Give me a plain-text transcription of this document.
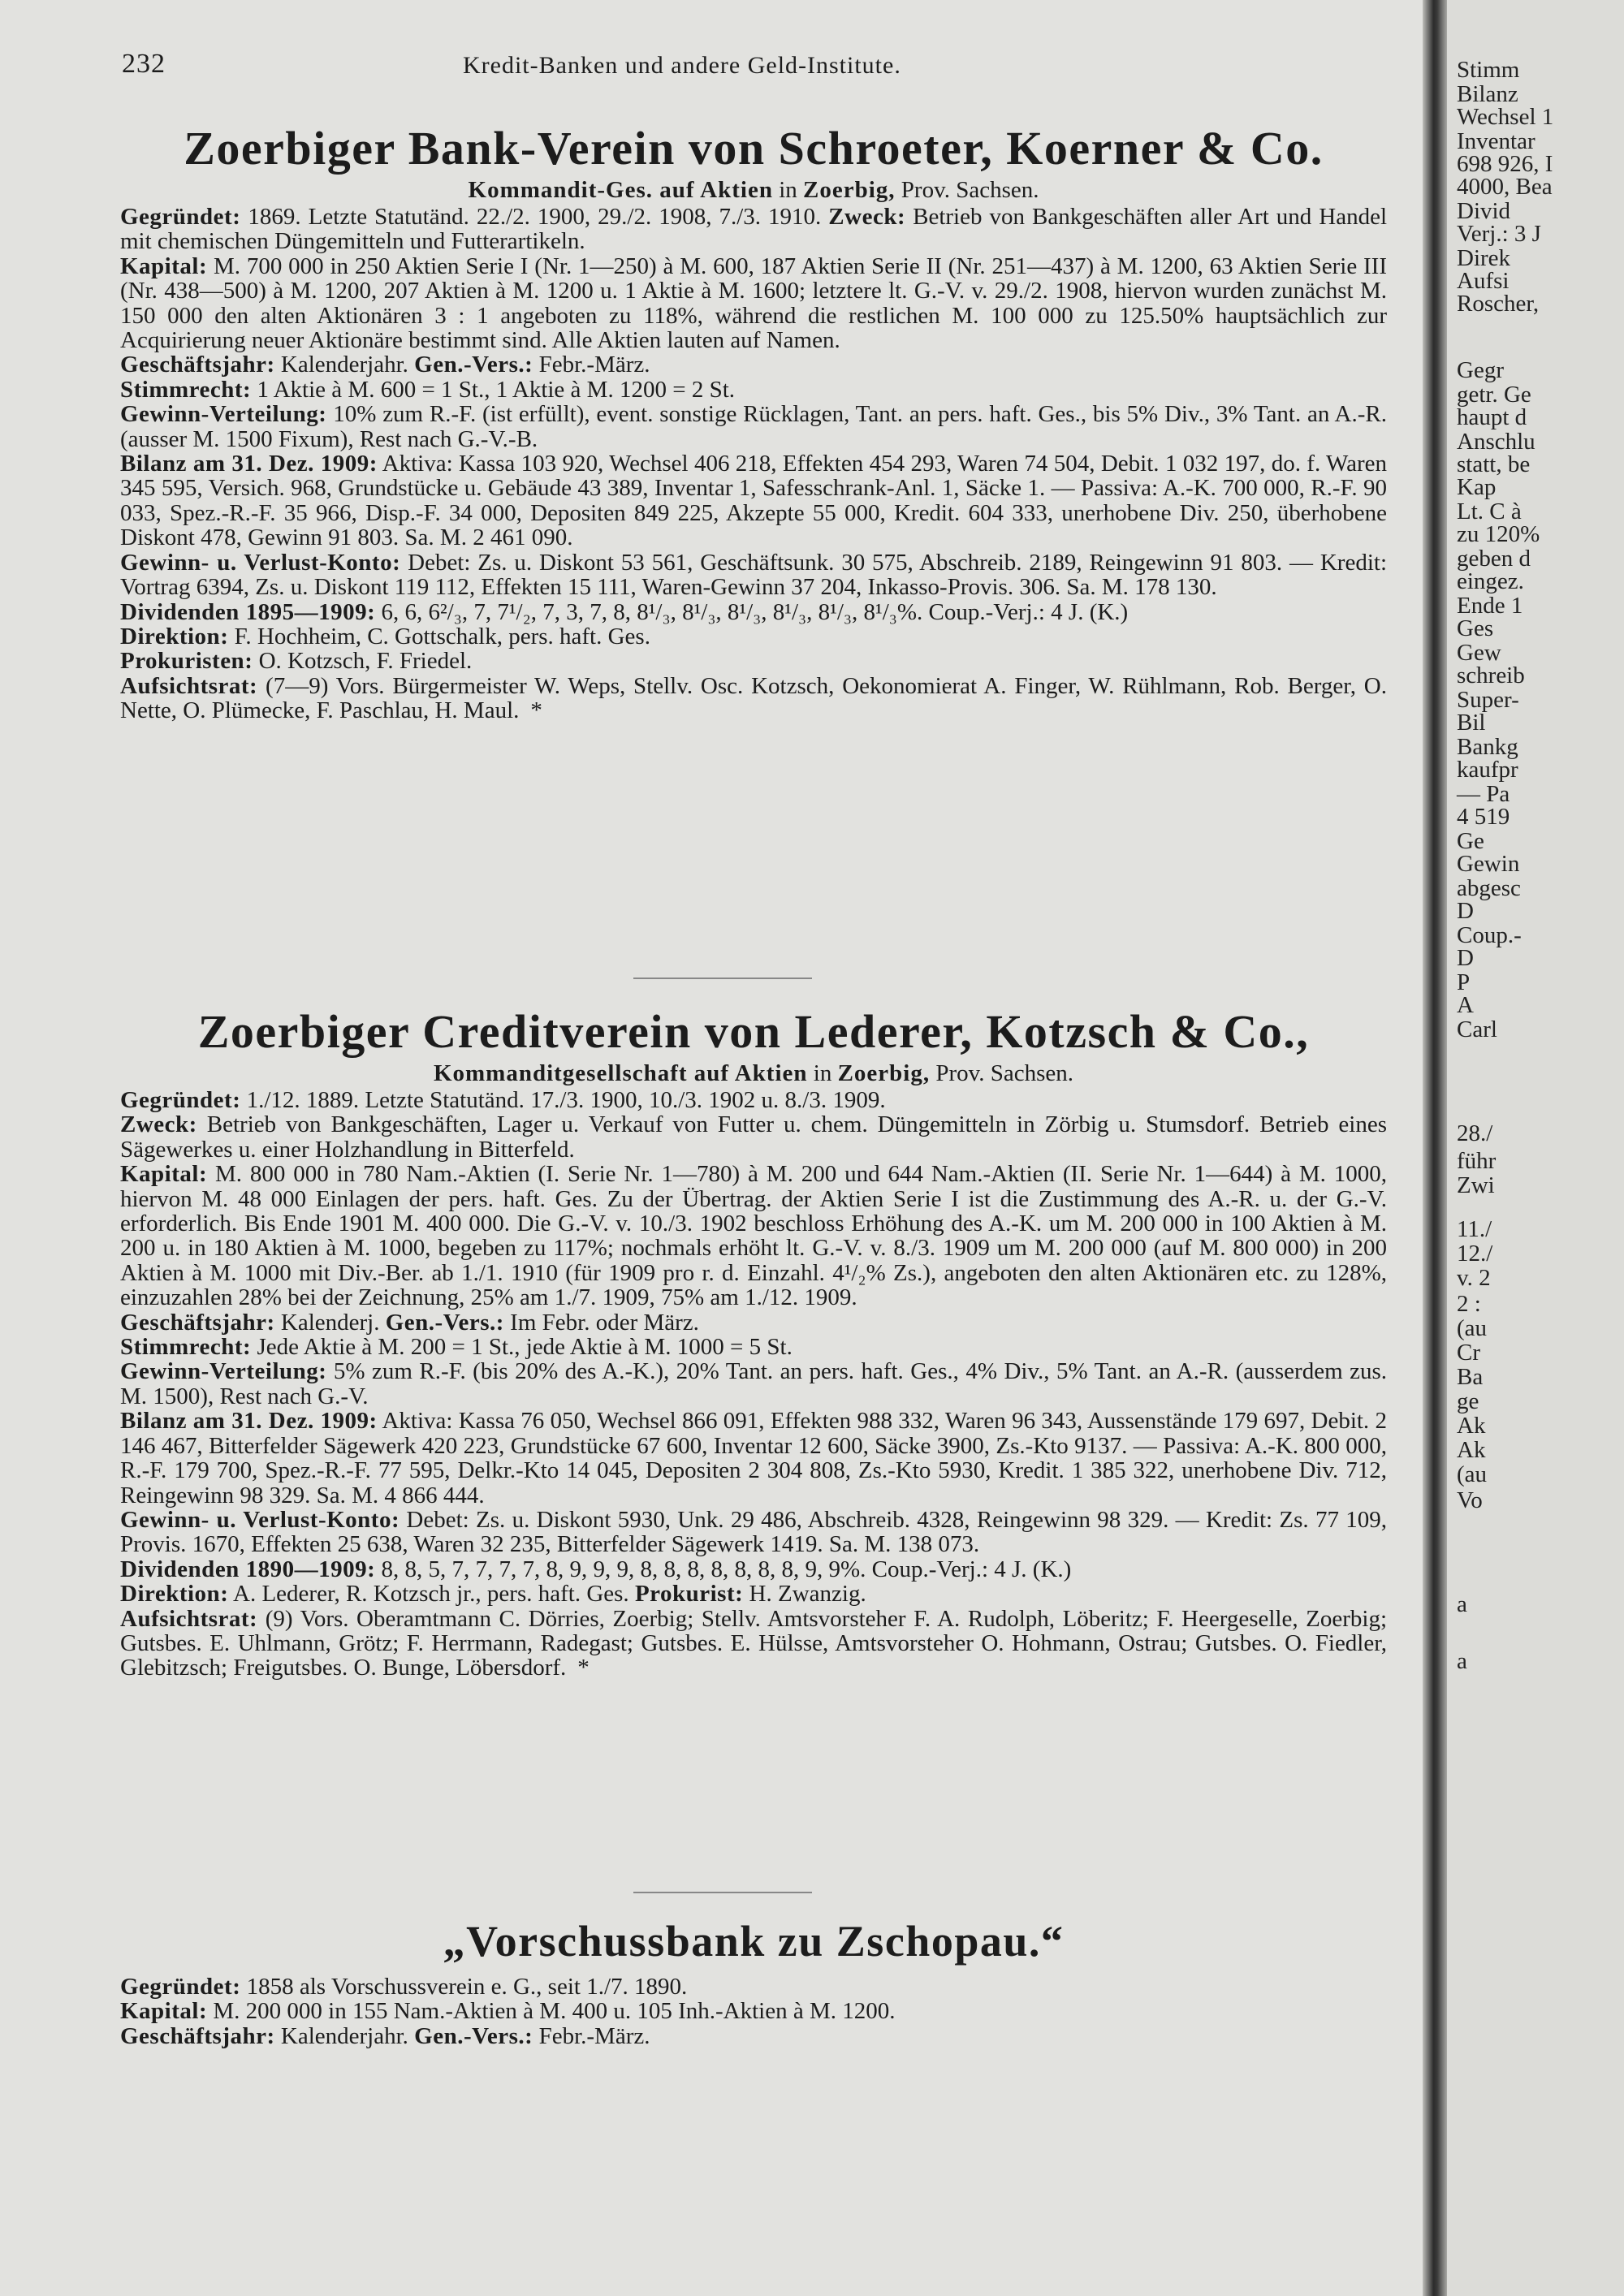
232	Kredit-Banken und andere Geld-Institute.
Zoerbiger Bank-Verein von Schroeter, Koerner & Co.
Kommandit-Ges. auf Aktien in Zoerbig, Prov. Sachsen.

Gegründet: 1869. Letzte Statutänd. 22./2. 1900, 29./2. 1908, 7./3. 1910. Zweck: Betrieb von Bankgeschäften aller Art und Handel mit chemischen Düngemitteln und Futterartikeln.

Kapital: M. 700 000 in 250 Aktien Serie I (Nr. 1—250) à M. 600, 187 Aktien Serie II (Nr. 251—437) à M. 1200, 63 Aktien Serie III (Nr. 438—500) à M. 1200, 207 Aktien à M. 1200 u. 1 Aktie à M. 1600; letztere lt. G.-V. v. 29./2. 1908, hiervon wurden zunächst M. 150 000 den alten Aktionären 3 : 1 angeboten zu 118%, während die restlichen M. 100 000 zu 125.50% hauptsächlich zur Acquirierung neuer Aktionäre bestimmt sind. Alle Aktien lauten auf Namen.

Geschäftsjahr: Kalenderjahr. Gen.-Vers.: Febr.-März.

Stimmrecht: 1 Aktie à M. 600 = 1 St., 1 Aktie à M. 1200 = 2 St.

Gewinn-Verteilung: 10% zum R.-F. (ist erfüllt), event. sonstige Rücklagen, Tant. an pers. haft. Ges., bis 5% Div., 3% Tant. an A.-R. (ausser M. 1500 Fixum), Rest nach G.-V.-B.

Bilanz am 31. Dez. 1909: Aktiva: Kassa 103 920, Wechsel 406 218, Effekten 454 293, Waren 74 504, Debit. 1 032 197, do. f. Waren 345 595, Versich. 968, Grundstücke u. Gebäude 43 389, Inventar 1, Safesschrank-Anl. 1, Säcke 1. — Passiva: A.-K. 700 000, R.-F. 90 033, Spez.-R.-F. 35 966, Disp.-F. 34 000, Depositen 849 225, Akzepte 55 000, Kredit. 604 333, unerhobene Div. 250, überhobene Diskont 478, Gewinn 91 803. Sa. M. 2 461 090.

Gewinn- u. Verlust-Konto: Debet: Zs. u. Diskont 53 561, Geschäftsunk. 30 575, Abschreib. 2189, Reingewinn 91 803. — Kredit: Vortrag 6394, Zs. u. Diskont 119 112, Effekten 15 111, Waren-Gewinn 37 204, Inkasso-Provis. 306. Sa. M. 178 130.

Dividenden 1895—1909: 6, 6, 6²/₃, 7, 7¹/₂, 7, 3, 7, 8, 8¹/₃, 8¹/₃, 8¹/₃, 8¹/₃, 8¹/₃, 8¹/₃%. Coup.-Verj.: 4 J. (K.)

Direktion: F. Hochheim, C. Gottschalk, pers. haft. Ges.

Prokuristen: O. Kotzsch, F. Friedel.

Aufsichtsrat: (7—9) Vors. Bürgermeister W. Weps, Stellv. Osc. Kotzsch, Oekonomierat A. Finger, W. Rühlmann, Rob. Berger, O. Nette, O. Plümecke, F. Paschlau, H. Maul. *

Zoerbiger Creditverein von Lederer, Kotzsch & Co.,
Kommanditgesellschaft auf Aktien in Zoerbig, Prov. Sachsen.

Gegründet: 1./12. 1889. Letzte Statutänd. 17./3. 1900, 10./3. 1902 u. 8./3. 1909.

Zweck: Betrieb von Bankgeschäften, Lager u. Verkauf von Futter u. chem. Düngemitteln in Zörbig u. Stumsdorf. Betrieb eines Sägewerkes u. einer Holzhandlung in Bitterfeld.

Kapital: M. 800 000 in 780 Nam.-Aktien (I. Serie Nr. 1—780) à M. 200 und 644 Nam.-Aktien (II. Serie Nr. 1—644) à M. 1000, hiervon M. 48 000 Einlagen der pers. haft. Ges. Zu der Übertrag. der Aktien Serie I ist die Zustimmung des A.-R. u. der G.-V. erforderlich. Bis Ende 1901 M. 400 000. Die G.-V. v. 10./3. 1902 beschloss Erhöhung des A.-K. um M. 200 000 in 100 Aktien à M. 200 u. in 180 Aktien à M. 1000, begeben zu 117%; nochmals erhöht lt. G.-V. v. 8./3. 1909 um M. 200 000 (auf M. 800 000) in 200 Aktien à M. 1000 mit Div.-Ber. ab 1./1. 1910 (für 1909 pro r. d. Einzahl. 4¹/₂% Zs.), angeboten den alten Aktionären etc. zu 128%, einzuzahlen 28% bei der Zeichnung, 25% am 1./7. 1909, 75% am 1./12. 1909.

Geschäftsjahr: Kalenderj. Gen.-Vers.: Im Febr. oder März.

Stimmrecht: Jede Aktie à M. 200 = 1 St., jede Aktie à M. 1000 = 5 St.

Gewinn-Verteilung: 5% zum R.-F. (bis 20% des A.-K.), 20% Tant. an pers. haft. Ges., 4% Div., 5% Tant. an A.-R. (ausserdem zus. M. 1500), Rest nach G.-V.

Bilanz am 31. Dez. 1909: Aktiva: Kassa 76 050, Wechsel 866 091, Effekten 988 332, Waren 96 343, Aussenstände 179 697, Debit. 2 146 467, Bitterfelder Sägewerk 420 223, Grundstücke 67 600, Inventar 12 600, Säcke 3900, Zs.-Kto 9137. — Passiva: A.-K. 800 000, R.-F. 179 700, Spez.-R.-F. 77 595, Delkr.-Kto 14 045, Depositen 2 304 808, Zs.-Kto 5930, Kredit. 1 385 322, unerhobene Div. 712, Reingewinn 98 329. Sa. M. 4 866 444.

Gewinn- u. Verlust-Konto: Debet: Zs. u. Diskont 5930, Unk. 29 486, Abschreib. 4328, Reingewinn 98 329. — Kredit: Zs. 77 109, Provis. 1670, Effekten 25 638, Waren 32 235, Bitterfelder Sägewerk 1419. Sa. M. 138 073.

Dividenden 1890—1909: 8, 8, 5, 7, 7, 7, 7, 8, 9, 9, 9, 8, 8, 8, 8, 8, 8, 8, 9, 9%. Coup.-Verj.: 4 J. (K.)

Direktion: A. Lederer, R. Kotzsch jr., pers. haft. Ges. Prokurist: H. Zwanzig.

Aufsichtsrat: (9) Vors. Oberamtmann C. Dörries, Zoerbig; Stellv. Amtsvorsteher F. A. Rudolph, Löberitz; F. Heergeselle, Zoerbig; Gutsbes. E. Uhlmann, Grötz; F. Herrmann, Radegast; Gutsbes. E. Hülsse, Amtsvorsteher O. Hohmann, Ostrau; Gutsbes. O. Fiedler, Glebitzsch; Freigutsbes. O. Bunge, Löbersdorf. *

„Vorschussbank zu Zschopau.“

Gegründet: 1858 als Vorschussverein e. G., seit 1./7. 1890.

Kapital: M. 200 000 in 155 Nam.-Aktien à M. 400 u. 105 Inh.-Aktien à M. 1200.

Geschäftsjahr: Kalenderjahr. Gen.-Vers.: Febr.-März.

Stimm
Bilanz
Wechsel 1
Inventar
698 926, I
4000, Bea
Divid
Verj.: 3 J
Direk
Aufsi
Roscher,
Gegr
getr. Ge
haupt d
Anschlu
statt, be
Kap
Lt. C à
zu 120%
geben d
eingez.
Ende 1
Ges
Gew
schreib
Super-
Bil
Bankg
kaufpr
— Pa
4 519
Ge
Gewin
abgesc
D
Coup.-
D
P
A
Carl
28./
führ
Zwi
11./
12./
v. 2
2 :
(au
Cr
Ba
ge
Ak
Ak
(au
Vo
a
a
